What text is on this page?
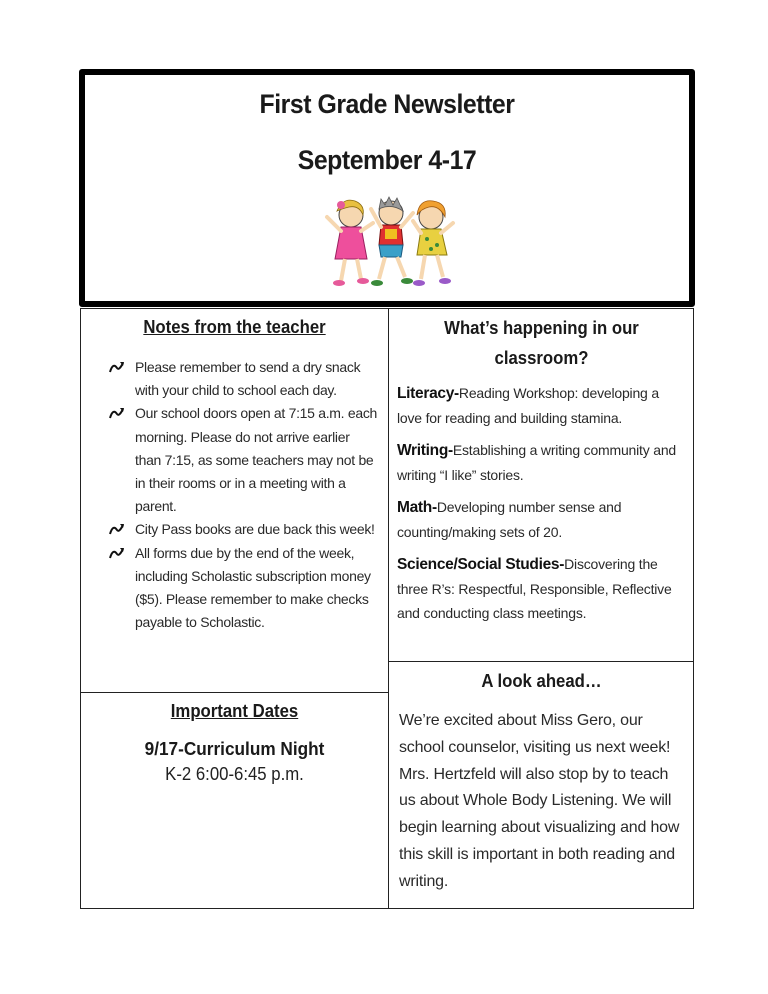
First Grade Newsletter
September 4-17

Notes from the teacher

Please remember to send a dry snack with your child to school each day.
Our school doors open at 7:15 a.m. each morning. Please do not arrive earlier than 7:15, as some teachers may not be in their rooms or in a meeting with a parent.
City Pass books are due back this week!
All forms due by the end of the week, including Scholastic subscription money ($5). Please remember to make checks payable to Scholastic.

What’s happening in our classroom?

Literacy-Reading Workshop: developing a love for reading and building stamina.

Writing-Establishing a writing community and writing “I like” stories.

Math-Developing number sense and counting/making sets of 20.

Science/Social Studies-Discovering the three R’s: Respectful, Responsible, Reflective and conducting class meetings.

Important Dates

9/17-Curriculum Night
K-2 6:00-6:45 p.m.

A look ahead…

We’re excited about Miss Gero, our school counselor, visiting us next week! Mrs. Hertzfeld will also stop by to teach us about Whole Body Listening. We will begin learning about visualizing and how this skill is important in both reading and writing.
